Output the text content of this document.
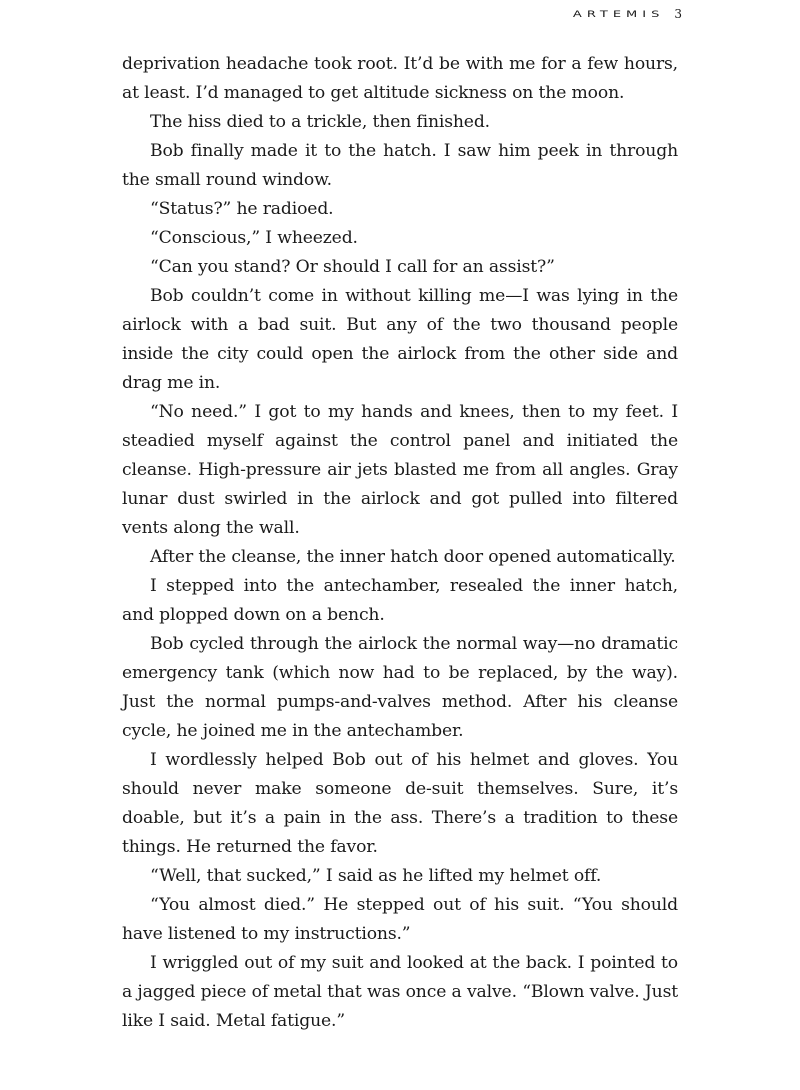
ARTEMIS 3

deprivation headache took root. It’d be with me for a few hours, at least. I’d managed to get altitude sickness on the moon.

The hiss died to a trickle, then finished.

Bob finally made it to the hatch. I saw him peek in through the small round window.

“Status?” he radioed.

“Conscious,” I wheezed.

“Can you stand? Or should I call for an assist?”

Bob couldn’t come in without killing me—I was lying in the airlock with a bad suit. But any of the two thousand people inside the city could open the airlock from the other side and drag me in.

“No need.” I got to my hands and knees, then to my feet. I steadied myself against the control panel and initiated the cleanse. High-pressure air jets blasted me from all angles. Gray lunar dust swirled in the airlock and got pulled into filtered vents along the wall.

After the cleanse, the inner hatch door opened automatically.

I stepped into the antechamber, resealed the inner hatch, and plopped down on a bench.

Bob cycled through the airlock the normal way—no dramatic emergency tank (which now had to be replaced, by the way). Just the normal pumps-and-valves method. After his cleanse cycle, he joined me in the antechamber.

I wordlessly helped Bob out of his helmet and gloves. You should never make someone de-suit themselves. Sure, it’s doable, but it’s a pain in the ass. There’s a tradition to these things. He returned the favor.

“Well, that sucked,” I said as he lifted my helmet off.

“You almost died.” He stepped out of his suit. “You should have listened to my instructions.”

I wriggled out of my suit and looked at the back. I pointed to a jagged piece of metal that was once a valve. “Blown valve. Just like I said. Metal fatigue.”
